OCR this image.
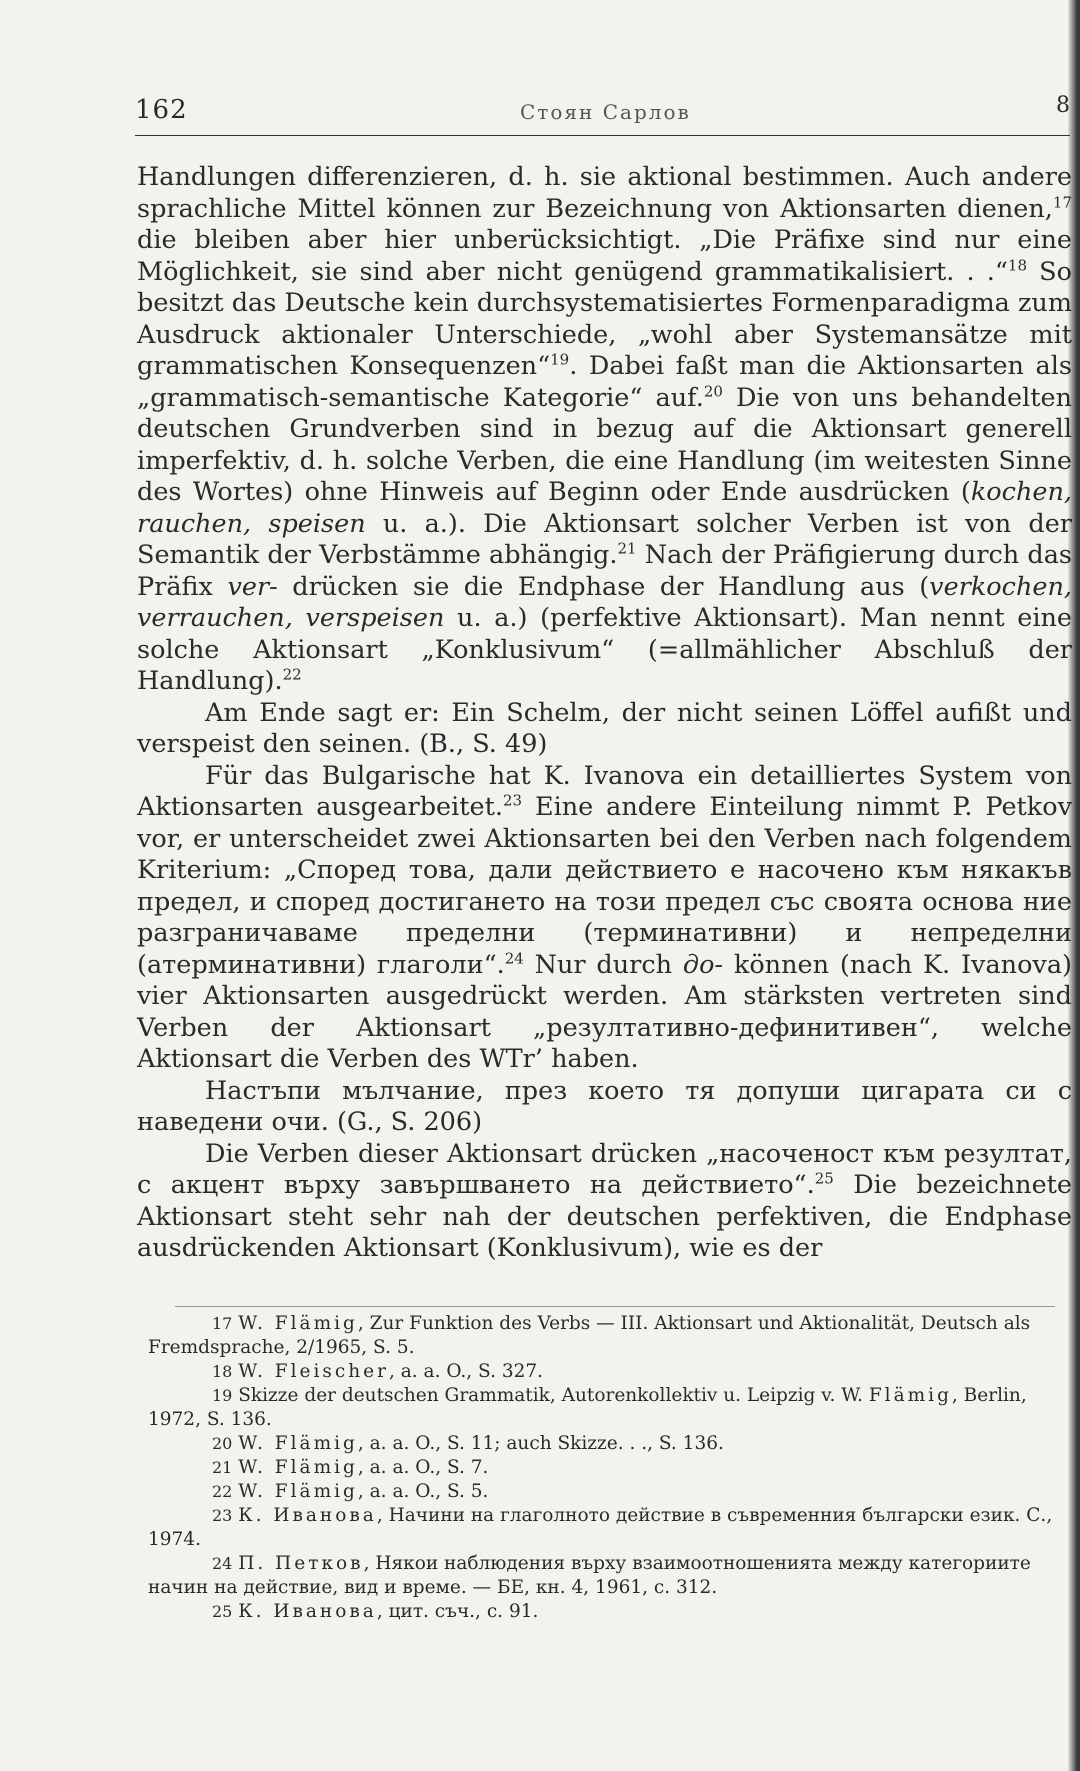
162	Стоян Сарлов	8

Handlungen differenzieren, d. h. sie aktional bestimmen. Auch andere sprachliche Mittel können zur Bezeichnung von Aktionsarten dienen,$^{17}$ die bleiben aber hier unberücksichtigt. „Die Präfixe sind nur eine Möglichkeit, sie sind aber nicht genügend grammatikalisiert. . .“$^{18}$ So besitzt das Deutsche kein durchsystematisiertes Formenparadigma zum Ausdruck aktionaler Unterschiede, „wohl aber Systemansätze mit grammatischen Konsequenzen“$^{19}$. Dabei faßt man die Aktionsarten als „grammatisch-semantische Kategorie“ auf.$^{20}$ Die von uns behandelten deutschen Grundverben sind in bezug auf die Aktionsart generell imperfektiv, d. h. solche Verben, die eine Handlung (im weitesten Sinne des Wortes) ohne Hinweis auf Beginn oder Ende ausdrücken (kochen, rauchen, speisen u. a.). Die Aktionsart solcher Verben ist von der Semantik der Verbstämme abhängig.$^{21}$ Nach der Präfigierung durch das Präfix ver- drücken sie die Endphase der Handlung aus (verkochen, verrauchen, verspeisen u. a.) (perfektive Aktionsart). Man nennt eine solche Aktionsart „Konklusivum“ (=allmählicher Abschluß der Handlung).$^{22}$

Am Ende sagt er: Ein Schelm, der nicht seinen Löffel aufißt und verspeist den seinen. (B., S. 49)

Für das Bulgarische hat K. Ivanova ein detailliertes System von Aktionsarten ausgearbeitet.$^{23}$ Eine andere Einteilung nimmt P. Petkov vor, er unterscheidet zwei Aktionsarten bei den Verben nach folgendem Kriterium: „Според това, дали действието е насочено към някакъв предел, и според достигането на този предел със своята основа ние разграничаваме пределни (терминативни) и непределни (атерминативни) глаголи“.$^{24}$ Nur durch до- können (nach K. Ivanova) vier Aktionsarten ausgedrückt werden. Am stärksten vertreten sind Verben der Aktionsart „резултативно-дефинитивен“, welche Aktionsart die Verben des WTr’ haben.

Настъпи мълчание, през което тя допуши цигарата си с наведени очи. (G., S. 206)

Die Verben dieser Aktionsart drücken „насоченост към резултат, с акцент върху завършването на действието“.$^{25}$ Die bezeichnete Aktionsart steht sehr nah der deutschen perfektiven, die Endphase ausdrückenden Aktionsart (Konklusivum), wie es der

17 W. Flämig, Zur Funktion des Verbs — III. Aktionsart und Aktionalität, Deutsch als Fremdsprache, 2/1965, S. 5.

18 W. Fleischer, a. a. O., S. 327.

19 Skizze der deutschen Grammatik, Autorenkollektiv u. Leipzig v. W. Flämig, Berlin, 1972, S. 136.

20 W. Flämig, a. a. O., S. 11; auch Skizze. . ., S. 136.

21 W. Flämig, a. a. O., S. 7.

22 W. Flämig, a. a. O., S. 5.

23 К. Иванова, Начини на глаголното действие в съвременния български език. С., 1974.

24 П. Петков, Някои наблюдения върху взаимоотношенията между категориите начин на действие, вид и време. — БЕ, кн. 4, 1961, с. 312.

25 К. Иванова, цит. съч., с. 91.
